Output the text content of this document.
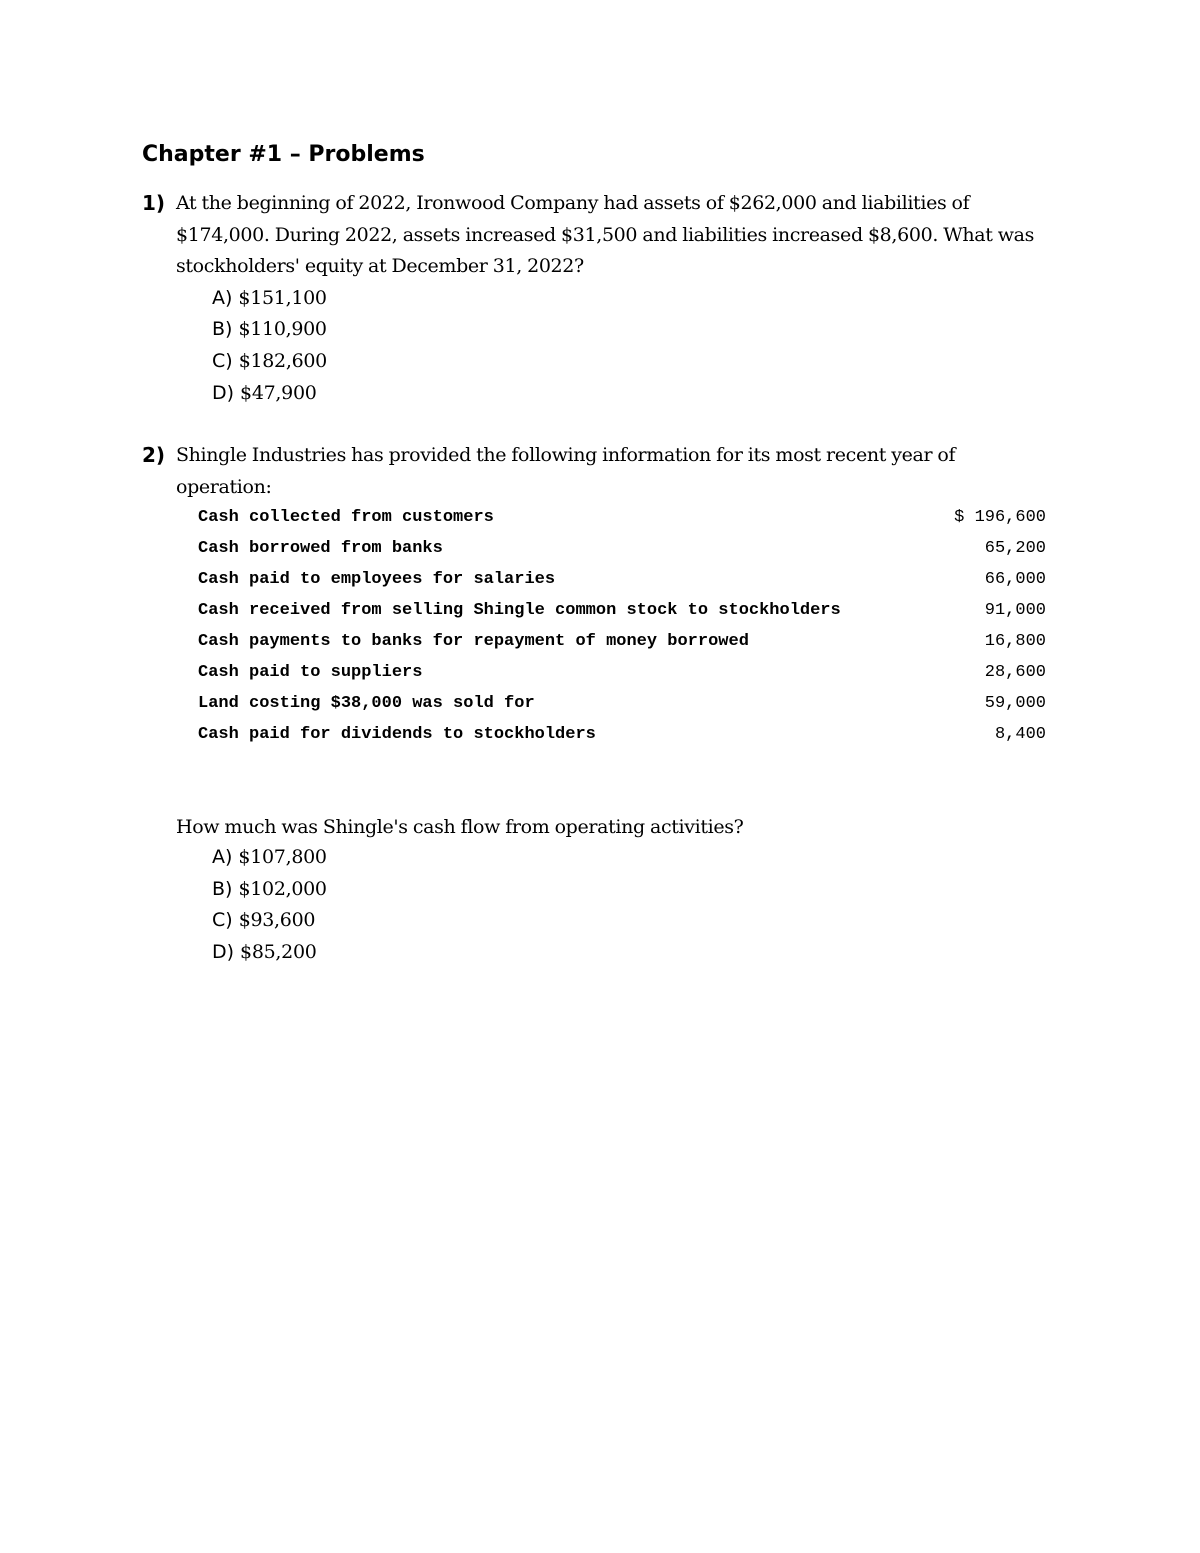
Chapter #1 – Problems
1) At the beginning of 2022, Ironwood Company had assets of $262,000 and liabilities of $174,000. During 2022, assets increased $31,500 and liabilities increased $8,600. What was stockholders' equity at December 31, 2022?
A) $151,100
B) $110,900
C) $182,600
D) $47,900
2) Shingle Industries has provided the following information for its most recent year of operation:
Cash collected from customers	$ 196,600
Cash borrowed from banks	65,200
Cash paid to employees for salaries	66,000
Cash received from selling Shingle common stock to stockholders	91,000
Cash payments to banks for repayment of money borrowed	16,800
Cash paid to suppliers	28,600
Land costing $38,000 was sold for	59,000
Cash paid for dividends to stockholders	8,400
How much was Shingle's cash flow from operating activities?
A) $107,800
B) $102,000
C) $93,600
D) $85,200
